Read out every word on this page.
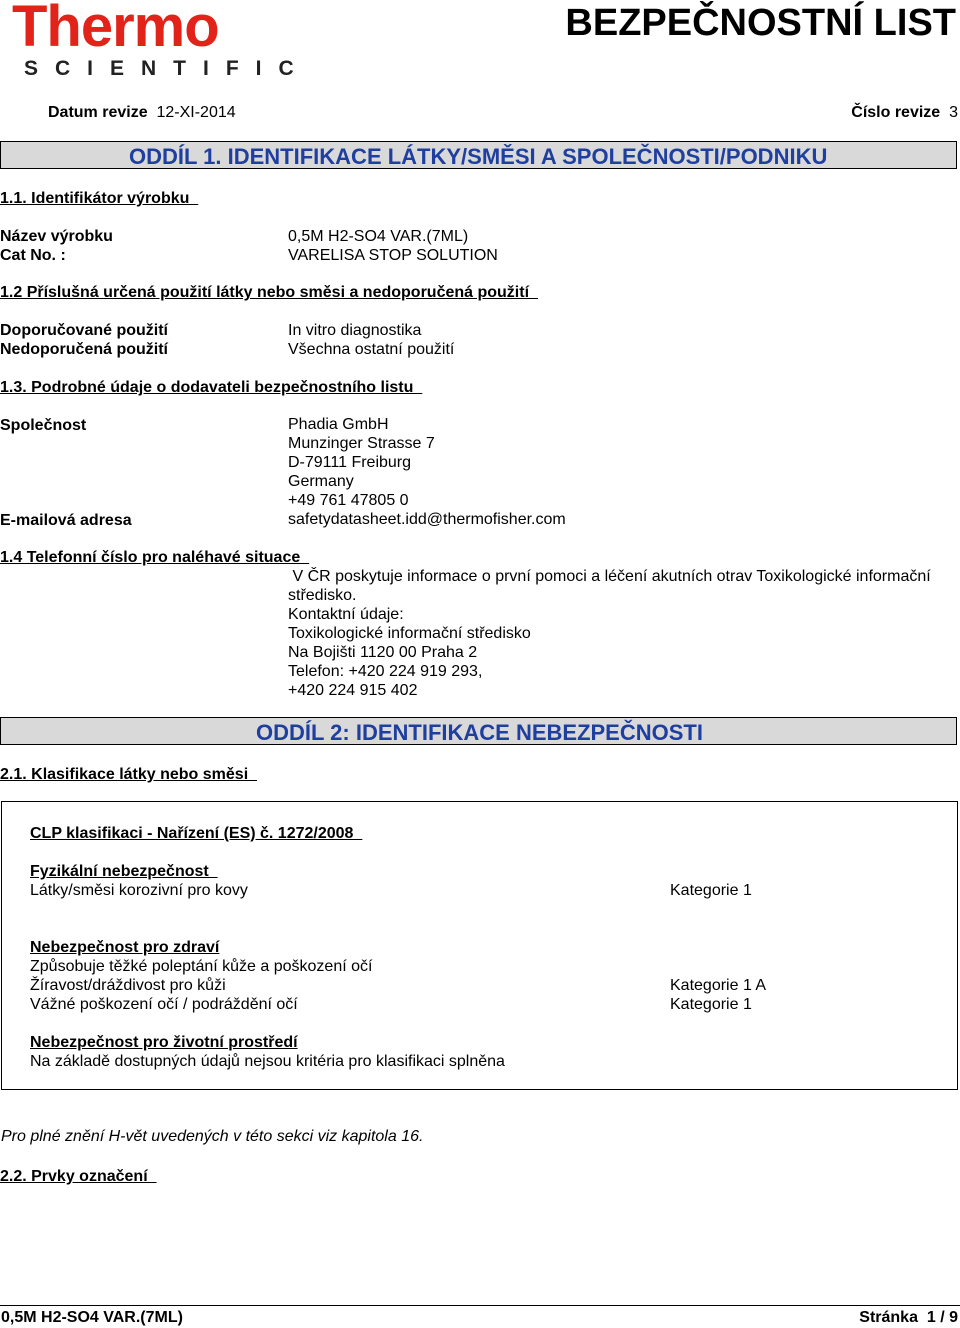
Thermo
SCIENTIFIC
BEZPEČNOSTNÍ LIST
Datum revize 12-XI-2014	Číslo revize 3
ODDÍL 1. IDENTIFIKACE LÁTKY/SMĚSI A SPOLEČNOSTI/PODNIKU
1.1. Identifikátor výrobku
Název výrobku	0,5M H2-SO4 VAR.(7ML)
Cat No. :	VARELISA STOP SOLUTION
1.2 Příslušná určená použití látky nebo směsi a nedoporučená použití
Doporučované použití	In vitro diagnostika
Nedoporučená použití	Všechna ostatní použití
1.3. Podrobné údaje o dodavateli bezpečnostního listu
Společnost	Phadia GmbH
Munzinger Strasse 7
D-79111 Freiburg
Germany
+49 761 47805 0
E-mailová adresa	safetydatasheet.idd@thermofisher.com
1.4 Telefonní číslo pro naléhavé situace
V ČR poskytuje informace o první pomoci a léčení akutních otrav Toxikologické informační středisko.
Kontaktní údaje:
Toxikologické informační středisko
Na Bojišti 1120 00 Praha 2
Telefon: +420 224 919 293,
+420 224 915 402
ODDÍL 2: IDENTIFIKACE NEBEZPEČNOSTI
2.1. Klasifikace látky nebo směsi
CLP klasifikaci - Nařízení (ES) č. 1272/2008
Fyzikální nebezpečnost
Látky/směsi korozivní pro kovy	Kategorie 1
Nebezpečnost pro zdraví
Způsobuje těžké poleptání kůže a poškození očí
Žíravost/dráždivost pro kůži	Kategorie 1 A
Vážné poškození očí / podráždění očí	Kategorie 1
Nebezpečnost pro životní prostředí
Na základě dostupných údajů nejsou kritéria pro klasifikaci splněna
Pro plné znění H-vět uvedených v této sekci viz kapitola 16.
2.2. Prvky označení
0,5M H2-SO4 VAR.(7ML)	Stránka 1 / 9
